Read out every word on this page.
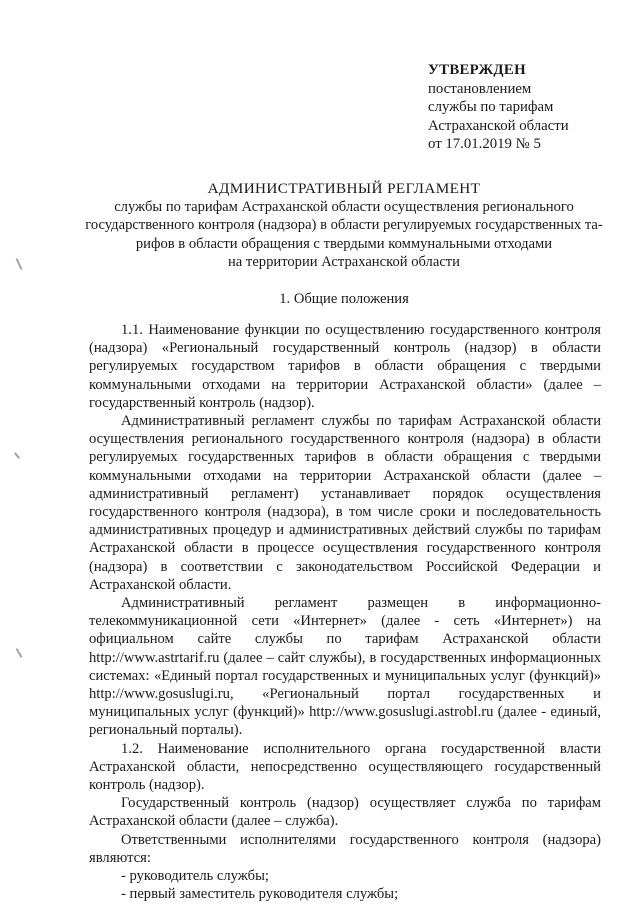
УТВЕРЖДЕН
постановлением
службы по тарифам
Астраханской области
от 17.01.2019 № 5
АДМИНИСТРАТИВНЫЙ РЕГЛАМЕНТ
службы по тарифам Астраханской области осуществления регионального
государственного контроля (надзора) в области регулируемых государственных та-
рифов в области обращения с твердыми коммунальными отходами
на территории Астраханской области
1. Общие положения
1.1. Наименование функции по осуществлению государственного контроля (надзора) «Региональный государственный контроль (надзор) в области регулируемых государством тарифов в области обращения с твердыми коммунальными отходами на территории Астраханской области» (далее – государственный контроль (надзор).
Административный регламент службы по тарифам Астраханской области осуществления регионального государственного контроля (надзора) в области регулируемых государственных тарифов в области обращения с твердыми коммунальными отходами на территории Астраханской области (далее – административный регламент) устанавливает порядок осуществления государственного контроля (надзора), в том числе сроки и последовательность административных процедур и административных действий службы по тарифам Астраханской области в процессе осуществления государственного контроля (надзора) в соответствии с законодательством Российской Федерации и Астраханской области.
Административный регламент размещен в информационно-телекоммуникационной сети «Интернет» (далее - сеть «Интернет») на официальном сайте службы по тарифам Астраханской области http://www.astrtarif.ru (далее – сайт службы), в государственных информационных системах: «Единый портал государственных и муниципальных услуг (функций)» http://www.gosuslugi.ru, «Региональный портал государственных и муниципальных услуг (функций)» http://www.gosuslugi.astrobl.ru (далее - единый, региональный порталы).
1.2. Наименование исполнительного органа государственной власти Астраханской области, непосредственно осуществляющего государственный контроль (надзор).
Государственный контроль (надзор) осуществляет служба по тарифам Астраханской области (далее – служба).
Ответственными исполнителями государственного контроля (надзора) являются:
- руководитель службы;
- первый заместитель руководителя службы;
